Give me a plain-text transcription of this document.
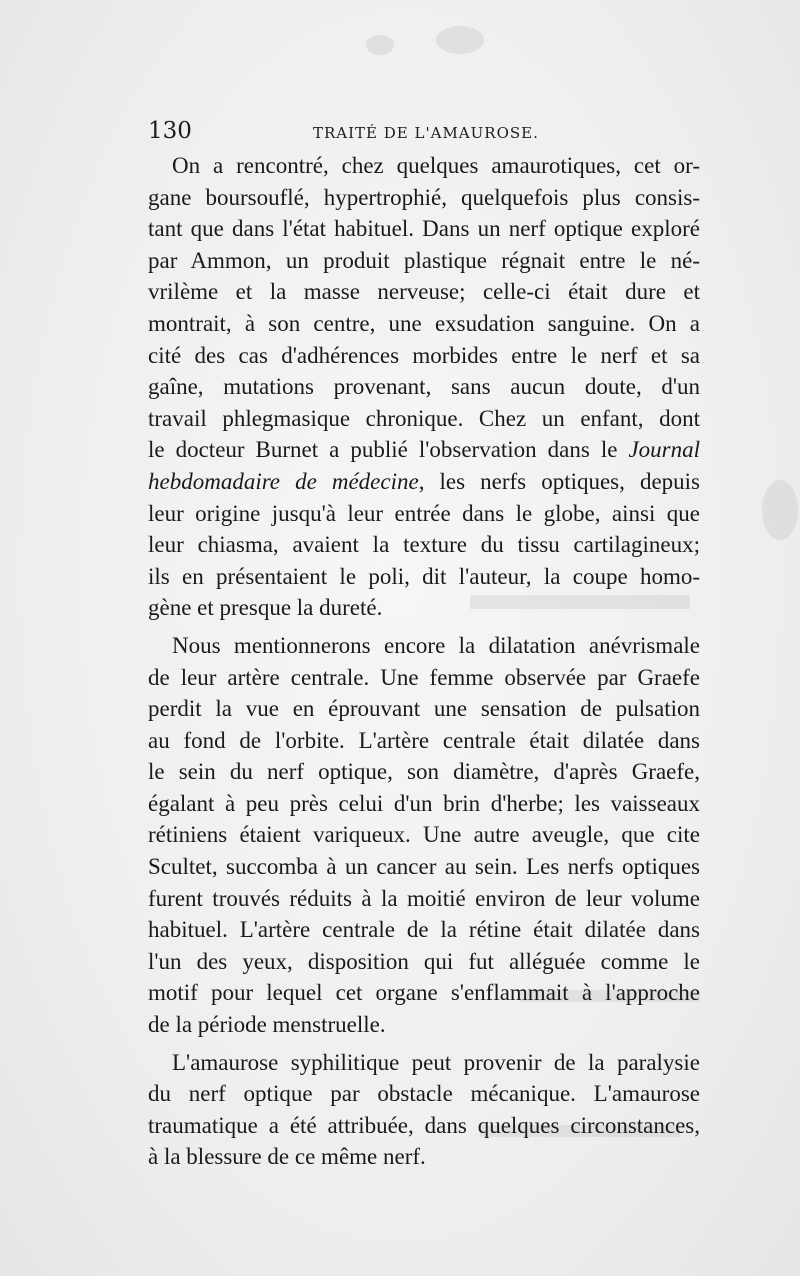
130	TRAITÉ DE L'AMAUROSE.
On a rencontré, chez quelques amaurotiques, cet or-
gane boursouflé, hypertrophié, quelquefois plus consis-
tant que dans l'état habituel. Dans un nerf optique exploré
par Ammon, un produit plastique régnait entre le né-
vrilème et la masse nerveuse; celle-ci était dure et
montrait, à son centre, une exsudation sanguine. On a
cité des cas d'adhérences morbides entre le nerf et sa
gaîne, mutations provenant, sans aucun doute, d'un
travail phlegmasique chronique. Chez un enfant, dont
le docteur Burnet a publié l'observation dans le Journal
hebdomadaire de médecine, les nerfs optiques, depuis
leur origine jusqu'à leur entrée dans le globe, ainsi que
leur chiasma, avaient la texture du tissu cartilagineux;
ils en présentaient le poli, dit l'auteur, la coupe homo-
gène et presque la dureté.
Nous mentionnerons encore la dilatation anévrismale
de leur artère centrale. Une femme observée par Graefe
perdit la vue en éprouvant une sensation de pulsation
au fond de l'orbite. L'artère centrale était dilatée dans
le sein du nerf optique, son diamètre, d'après Graefe,
égalant à peu près celui d'un brin d'herbe; les vaisseaux
rétiniens étaient variqueux. Une autre aveugle, que cite
Scultet, succomba à un cancer au sein. Les nerfs optiques
furent trouvés réduits à la moitié environ de leur volume
habituel. L'artère centrale de la rétine était dilatée dans
l'un des yeux, disposition qui fut alléguée comme le
motif pour lequel cet organe s'enflammait à l'approche
de la période menstruelle.
L'amaurose syphilitique peut provenir de la paralysie
du nerf optique par obstacle mécanique. L'amaurose
traumatique a été attribuée, dans quelques circonstances,
à la blessure de ce même nerf.
